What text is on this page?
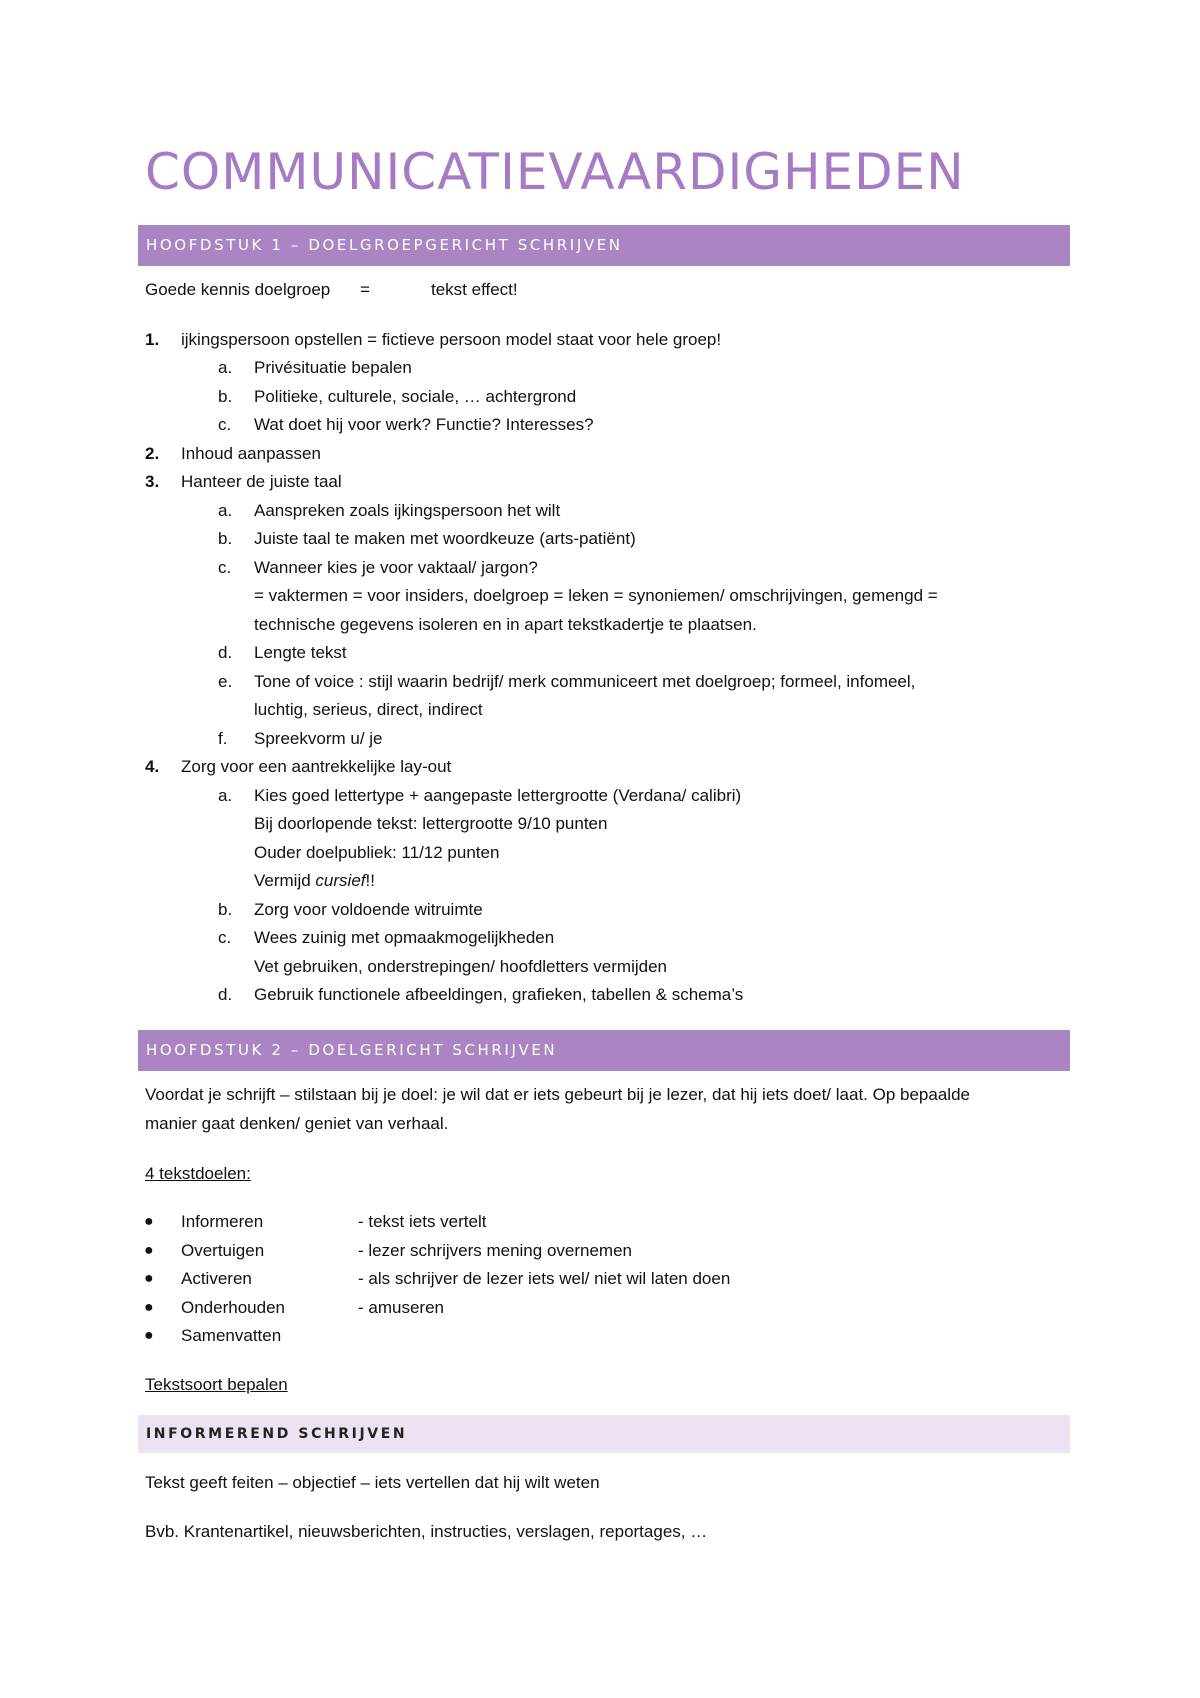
COMMUNICATIEVAARDIGHEDEN
HOOFDSTUK 1 – DOELGROEPGERICHT SCHRIJVEN
Goede kennis doelgroep =	tekst effect!
1. ijkingspersoon opstellen = fictieve persoon model staat voor hele groep!
a. Privésituatie bepalen
b. Politieke, culturele, sociale, … achtergrond
c. Wat doet hij voor werk? Functie? Interesses?
2. Inhoud aanpassen
3. Hanteer de juiste taal
a. Aanspreken zoals ijkingspersoon het wilt
b. Juiste taal te maken met woordkeuze (arts-patiënt)
c. Wanneer kies je voor vaktaal/ jargon?
= vaktermen = voor insiders, doelgroep = leken = synoniemen/ omschrijvingen, gemengd =
technische gegevens isoleren en in apart tekstkadertje te plaatsen.
d. Lengte tekst
e. Tone of voice : stijl waarin bedrijf/ merk communiceert met doelgroep; formeel, infomeel,
luchtig, serieus, direct, indirect
f. Spreekvorm u/ je
4. Zorg voor een aantrekkelijke lay-out
a. Kies goed lettertype + aangepaste lettergrootte (Verdana/ calibri)
Bij doorlopende tekst: lettergrootte 9/10 punten
Ouder doelpubliek: 11/12 punten
Vermijd cursief!!
b. Zorg voor voldoende witruimte
c. Wees zuinig met opmaakmogelijkheden
Vet gebruiken, onderstrepingen/ hoofdletters vermijden
d. Gebruik functionele afbeeldingen, grafieken, tabellen & schema’s
HOOFDSTUK 2 – DOELGERICHT SCHRIJVEN
Voordat je schrijft – stilstaan bij je doel: je wil dat er iets gebeurt bij je lezer, dat hij iets doet/ laat. Op bepaalde
manier gaat denken/ geniet van verhaal.
4 tekstdoelen:
● Informeren	- tekst iets vertelt
● Overtuigen	- lezer schrijvers mening overnemen
● Activeren	- als schrijver de lezer iets wel/ niet wil laten doen
● Onderhouden	- amuseren
● Samenvatten
Tekstsoort bepalen
INFORMEREND SCHRIJVEN
Tekst geeft feiten – objectief – iets vertellen dat hij wilt weten
Bvb. Krantenartikel, nieuwsberichten, instructies, verslagen, reportages, …
